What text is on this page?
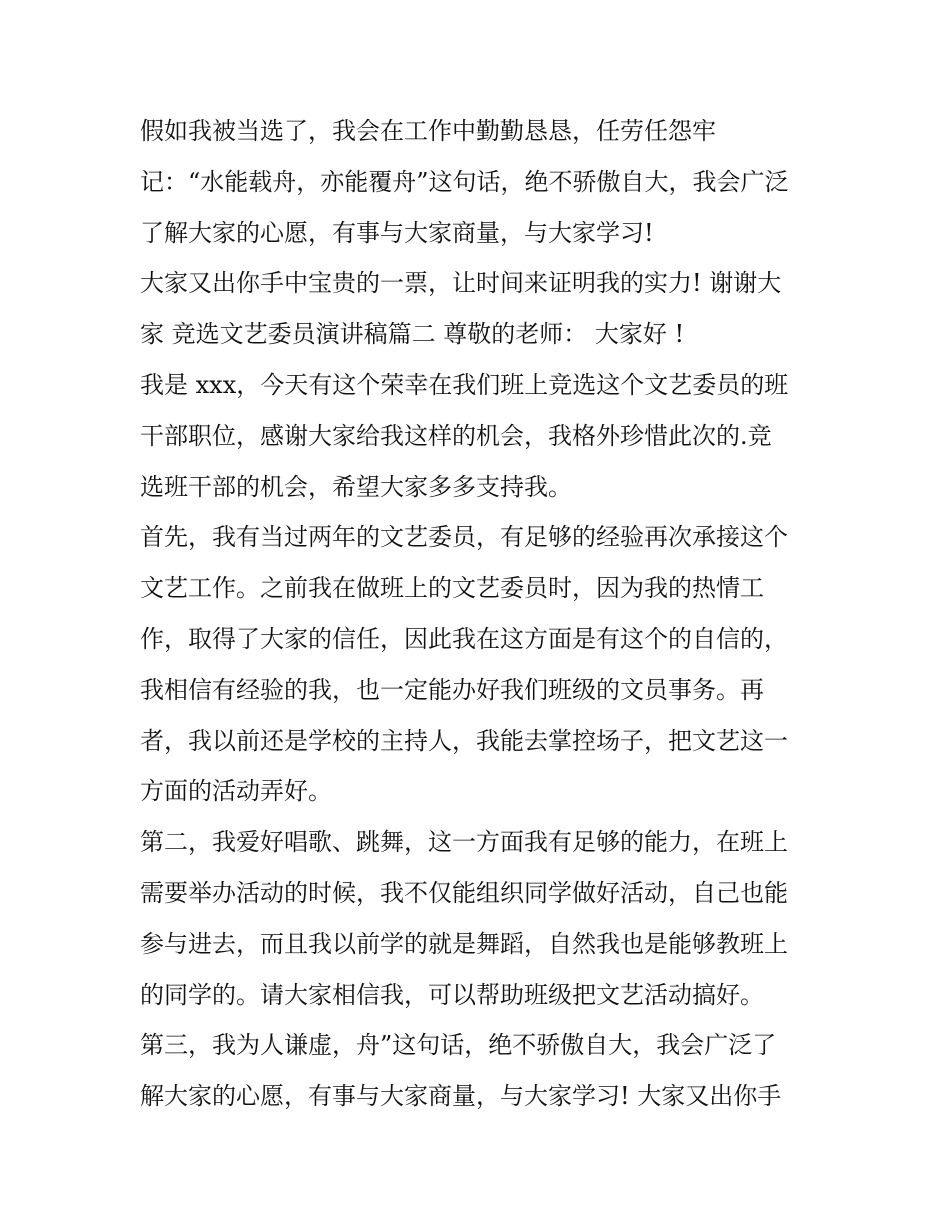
假如我被当选了，我会在工作中勤勤恳恳，任劳任怨牢
记：“水能载舟，亦能覆舟”这句话，绝不骄傲自大，我会广泛
了解大家的心愿，有事与大家商量，与大家学习!
大家又出你手中宝贵的一票，让时间来证明我的实力! 谢谢大
家 竞选文艺委员演讲稿篇二 尊敬的老师： 大家好 !
我是 xxx，今天有这个荣幸在我们班上竞选这个文艺委员的班
干部职位，感谢大家给我这样的机会，我格外珍惜此次的.竞
选班干部的机会，希望大家多多支持我。
首先，我有当过两年的文艺委员，有足够的经验再次承接这个
文艺工作。之前我在做班上的文艺委员时，因为我的热情工
作，取得了大家的信任，因此我在这方面是有这个的自信的，
我相信有经验的我，也一定能办好我们班级的文员事务。再
者，我以前还是学校的主持人，我能去掌控场子，把文艺这一
方面的活动弄好。
第二，我爱好唱歌、跳舞，这一方面我有足够的能力，在班上
需要举办活动的时候，我不仅能组织同学做好活动，自己也能
参与进去，而且我以前学的就是舞蹈，自然我也是能够教班上
的同学的。请大家相信我，可以帮助班级把文艺活动搞好。
第三，我为人谦虚，舟”这句话，绝不骄傲自大，我会广泛了
解大家的心愿，有事与大家商量，与大家学习! 大家又出你手
